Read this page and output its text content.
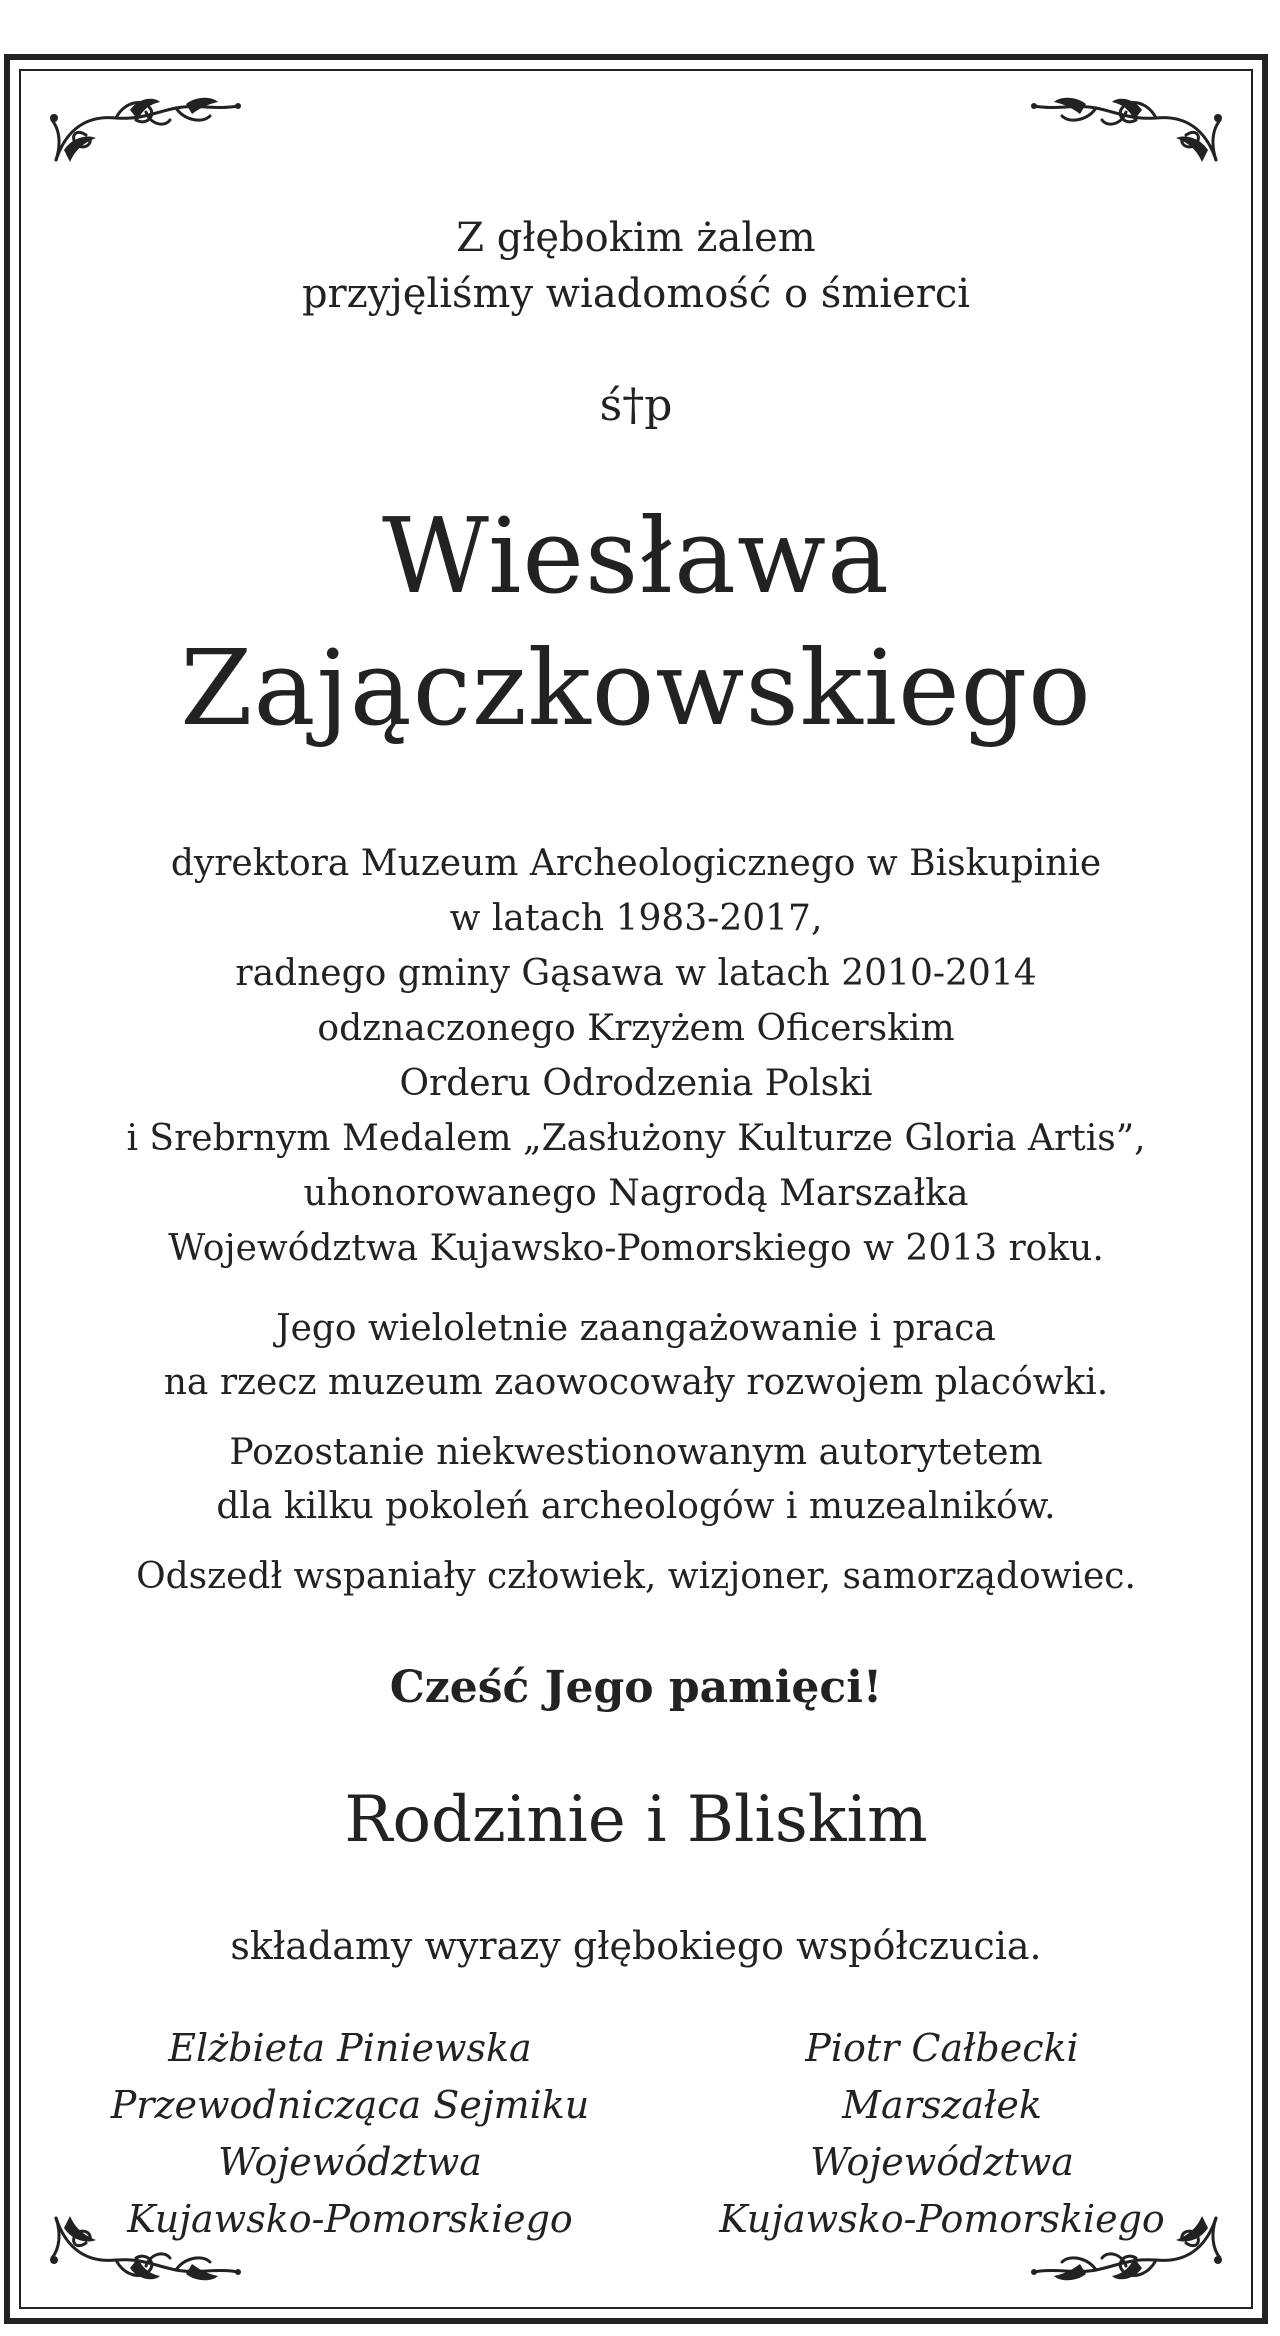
Z głębokim żalem
przyjęliśmy wiadomość o śmierci
ś†p
Wiesława
Zajączkowskiego
dyrektora Muzeum Archeologicznego w Biskupinie
w latach 1983-2017,
radnego gminy Gąsawa w latach 2010-2014
odznaczonego Krzyżem Oficerskim
Orderu Odrodzenia Polski
i Srebrnym Medalem „Zasłużony Kulturze Gloria Artis”,
uhonorowanego Nagrodą Marszałka
Województwa Kujawsko-Pomorskiego w 2013 roku.
Jego wieloletnie zaangażowanie i praca
na rzecz muzeum zaowocowały rozwojem placówki.
Pozostanie niekwestionowanym autorytetem
dla kilku pokoleń archeologów i muzealników.
Odszedł wspaniały człowiek, wizjoner, samorządowiec.
Cześć Jego pamięci!
Rodzinie i Bliskim
składamy wyrazy głębokiego współczucia.
Elżbieta Piniewska
Przewodnicząca Sejmiku
Województwa
Kujawsko-Pomorskiego
Piotr Całbecki
Marszałek
Województwa
Kujawsko-Pomorskiego
